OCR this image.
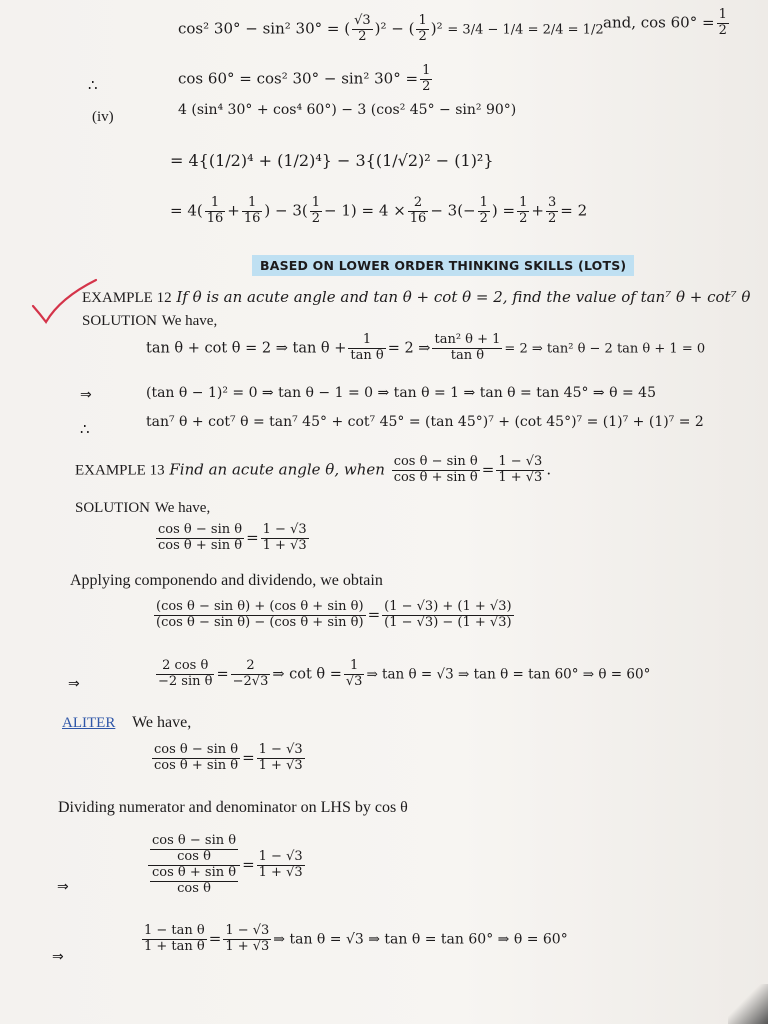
cos² 30° − sin² 30° = ( $\frac{√3}{2} )^2$ − ( $\frac{1}{2} )^2 = 3/4 - 1/4 = 2/4 = 1/2$ and, $\cos 60^\circ = \frac{1}{2}$
∴	cos 60° = cos² 30° − sin² $30^\circ = \frac{1}{2}$
(iv)	4 (sin⁴ 30° + cos⁴ 60°) − 3 (cos² 45° − sin² 90°)
= 4{(1/2)⁴ + (1/2)⁴} − 3{(1/√2)² − (1)²}
= $4( \frac{1}{16} + \frac{1}{16}$ ) − $3( \frac{1}{2} - 1) = 4 \times \frac{2}{16} - 3(- \frac{1}{2}$ ) = $\frac{1}{2} + \frac{3}{2} = 2$
BASED ON LOWER ORDER THINKING SKILLS (LOTS)
EXAMPLE 12 If θ is an acute angle and tan θ + cot θ = 2, find the value of tan⁷ θ + cot⁷ θ
SOLUTION We have,
tan θ + cot θ = 2 ⇒ $\tan \theta + \frac{1}{\text{tan θ}} = 2$ ⇒ $\frac{\text{tan² θ + 1}}{\text{tan θ}} = 2$ ⇒ tan² θ − 2 tan θ + 1 = 0
⇒	(tan θ − 1)² = 0 ⇒ tan θ − 1 = 0 ⇒ tan θ = 1 ⇒ tan θ = tan 45° ⇒ θ = 45
∴	tan⁷ θ + cot⁷ θ = tan⁷ 45° + cot⁷ 45° = (tan 45°)⁷ + (cot 45°)⁷ = (1)⁷ + (1)⁷ = 2
EXAMPLE 13 Find an acute angle θ, when $\frac{\text{cos θ − sin θ}}{\text{cos θ + sin θ}} = \frac{1 - √3}{1 + √3}$ .
SOLUTION We have,
$\frac{\text{cos θ − sin θ}}{\text{cos θ + sin θ}} = \frac{1 - √3}{1 + √3}$
Applying componendo and dividendo, we obtain
$\frac{\text{(cos θ − sin θ) + (cos θ + sin θ)}}{\text{(cos θ − sin θ) − (cos θ + sin θ)}} = \frac{(1 - √3) + (1 + √3)}{(1 - √3) - (1 + √3)}$
⇒	$\frac{\text{2 cos θ}}{\text{−2 sin θ}} = \frac{2}{-2√3}$ ⇒ $\cot \theta = \frac{1}{√3}$ ⇒ tan θ = √3 ⇒ tan θ = tan 60° ⇒ θ = 60°
ALITER We have,
$\frac{\text{cos θ − sin θ}}{\text{cos θ + sin θ}} = \frac{1 - √3}{1 + √3}$
Dividing numerator and denominator on LHS by cos θ
⇒	$\frac{\frac{\text{cos θ − sin θ}}{\text{cos θ}}}{\frac{\text{cos θ + sin θ}}{\text{cos θ}}} = \frac{1 - √3}{1 + √3}$
⇒
$\frac{\text{1 − tan θ}}{\text{1 + tan θ}} = \frac{1 - √3}{1 + √3}$ ⇒ tan θ = √3 ⇒ tan θ = tan 60° ⇒ θ = 60°
